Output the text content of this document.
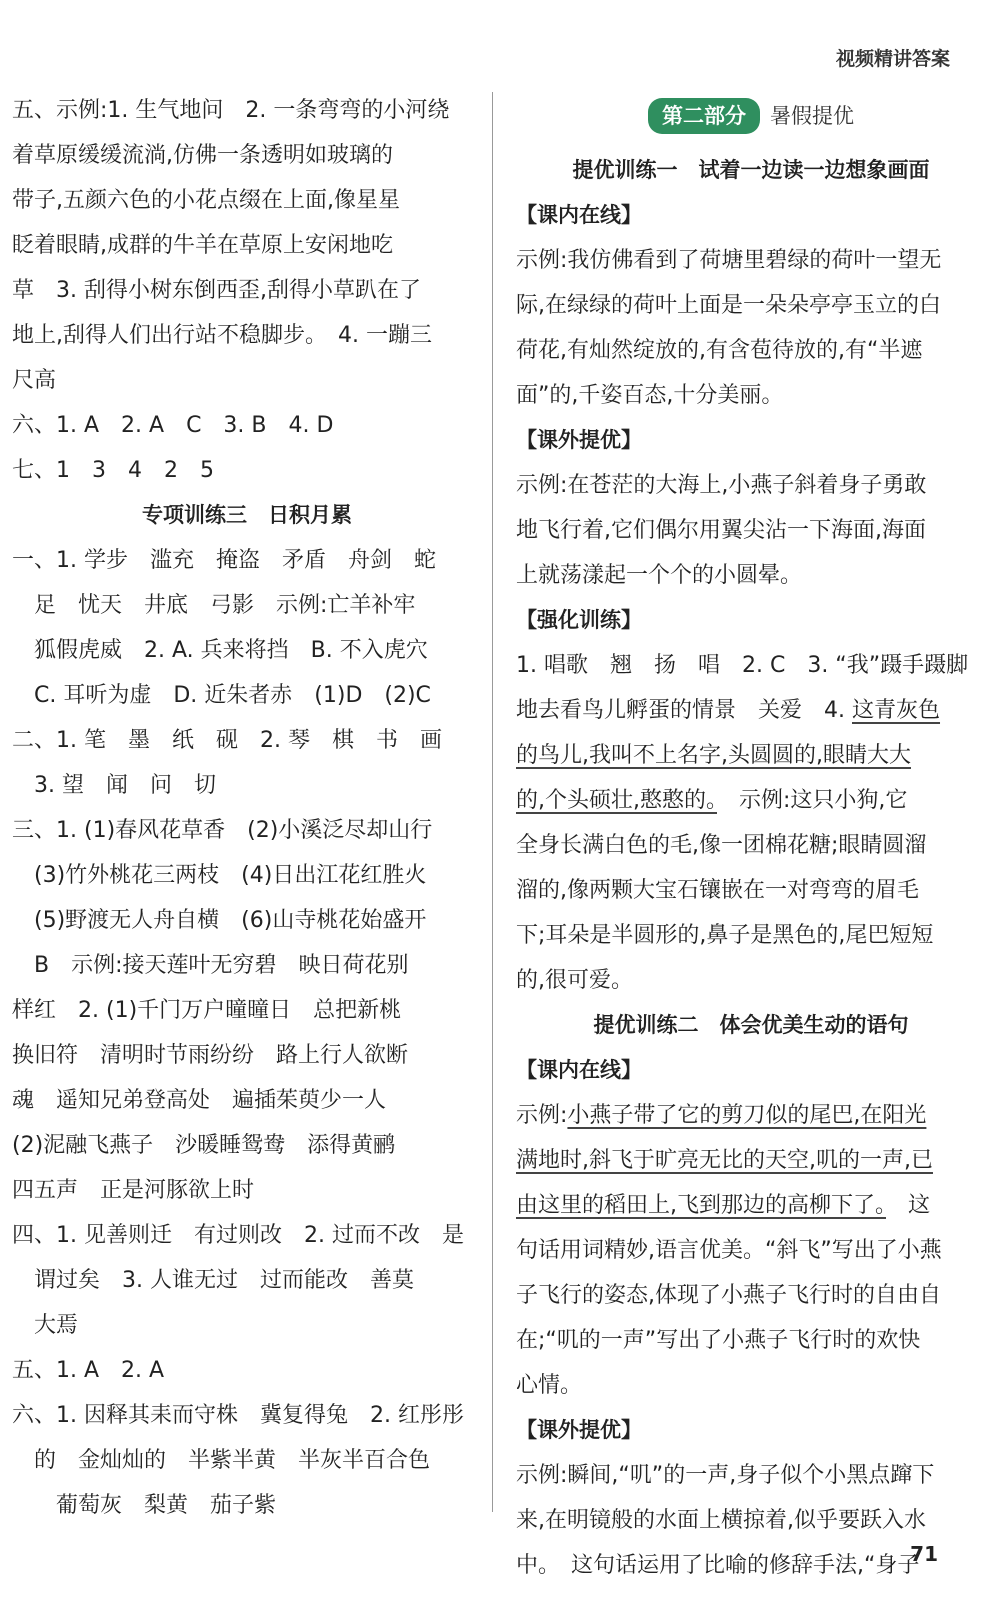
视频精讲答案

五、示例:1. 生气地问　2. 一条弯弯的小河绕

着草原缓缓流淌,仿佛一条透明如玻璃的

带子,五颜六色的小花点缀在上面,像星星

眨着眼睛,成群的牛羊在草原上安闲地吃

草　3. 刮得小树东倒西歪,刮得小草趴在了

地上,刮得人们出行站不稳脚步。　4. 一蹦三

尺高

六、1. A　2. A　C　3. B　4. D

七、1　3　4　2　5

专项训练三　日积月累

一、1. 学步　滥充　掩盗　矛盾　舟剑　蛇

　足　忧天　井底　弓影　示例:亡羊补牢

　狐假虎威　2. A. 兵来将挡　B. 不入虎穴

　C. 耳听为虚　D. 近朱者赤　(1)D　(2)C

二、1. 笔　墨　纸　砚　2. 琴　棋　书　画

　3. 望　闻　问　切

三、1. (1)春风花草香　(2)小溪泛尽却山行

　(3)竹外桃花三两枝　(4)日出江花红胜火

　(5)野渡无人舟自横　(6)山寺桃花始盛开

　B　示例:接天莲叶无穷碧　映日荷花别

样红　2. (1)千门万户曈曈日　总把新桃

换旧符　清明时节雨纷纷　路上行人欲断

魂　遥知兄弟登高处　遍插茱萸少一人

(2)泥融飞燕子　沙暖睡鸳鸯　添得黄鹂

四五声　正是河豚欲上时

四、1. 见善则迁　有过则改　2. 过而不改　是

　谓过矣　3. 人谁无过　过而能改　善莫

　大焉

五、1. A　2. A

六、1. 因释其耒而守株　冀复得兔　2. 红彤彤

　的　金灿灿的　半紫半黄　半灰半百合色

　　葡萄灰　梨黄　茄子紫

第二部分	暑假提优

提优训练一　试着一边读一边想象画面

【课内在线】

示例:我仿佛看到了荷塘里碧绿的荷叶一望无

际,在绿绿的荷叶上面是一朵朵亭亭玉立的白

荷花,有灿然绽放的,有含苞待放的,有“半遮

面”的,千姿百态,十分美丽。

【课外提优】

示例:在苍茫的大海上,小燕子斜着身子勇敢

地飞行着,它们偶尔用翼尖沾一下海面,海面

上就荡漾起一个个的小圆晕。

【强化训练】

1. 唱歌　翘　扬　唱　2. C　3. “我”蹑手蹑脚

地去看鸟儿孵蛋的情景　关爱　4. 这青灰色

的鸟儿,我叫不上名字,头圆圆的,眼睛大大

的,个头硕壮,憨憨的。　示例:这只小狗,它

全身长满白色的毛,像一团棉花糖;眼睛圆溜

溜的,像两颗大宝石镶嵌在一对弯弯的眉毛

下;耳朵是半圆形的,鼻子是黑色的,尾巴短短

的,很可爱。

提优训练二　体会优美生动的语句

【课内在线】

示例:小燕子带了它的剪刀似的尾巴,在阳光

满地时,斜飞于旷亮无比的天空,叽的一声,已

由这里的稻田上,飞到那边的高柳下了。　这

句话用词精妙,语言优美。“斜飞”写出了小燕

子飞行的姿态,体现了小燕子飞行时的自由自

在;“叽的一声”写出了小燕子飞行时的欢快

心情。

【课外提优】

示例:瞬间,“叽”的一声,身子似个小黑点蹿下

来,在明镜般的水面上横掠着,似乎要跃入水

中。　这句话运用了比喻的修辞手法,“身子

71
